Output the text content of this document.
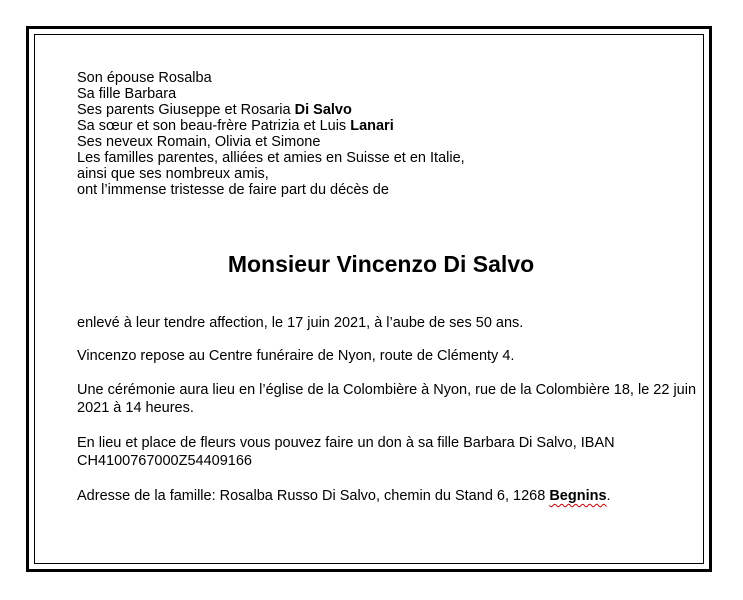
Son épouse Rosalba
Sa fille Barbara
Ses parents Giuseppe et Rosaria Di Salvo
Sa sœur et son beau-frère Patrizia et Luis Lanari
Ses neveux Romain, Olivia et Simone
Les familles parentes, alliées et amies en Suisse et en Italie,
ainsi que ses nombreux amis,
ont l’immense tristesse de faire part du décès de
Monsieur Vincenzo Di Salvo
enlevé à leur tendre affection, le 17 juin 2021, à l’aube de ses 50 ans.
Vincenzo repose au Centre funéraire de Nyon, route de Clémenty 4.
Une cérémonie aura lieu en l’église de la Colombière à Nyon, rue de la Colombière 18, le 22 juin 2021 à 14 heures.
En lieu et place de fleurs vous pouvez faire un don à sa fille Barbara Di Salvo, IBAN CH4100767000Z54409166
Adresse de la famille: Rosalba Russo Di Salvo, chemin du Stand 6, 1268 Begnins.
